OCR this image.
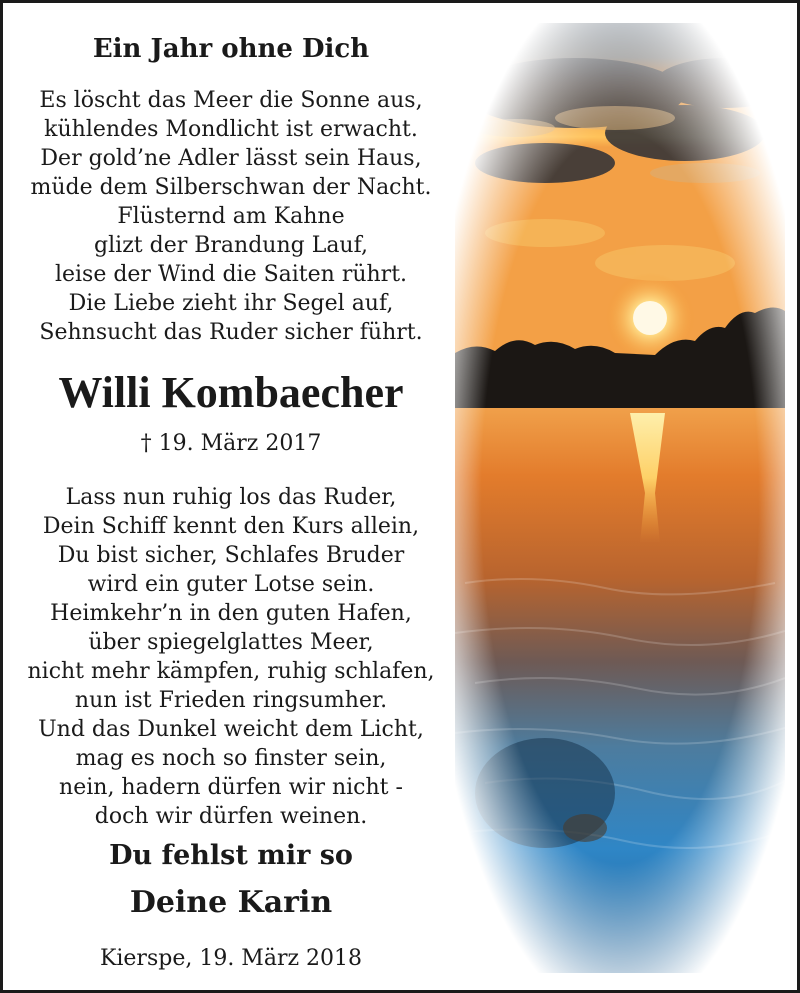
Ein Jahr ohne Dich
Es löscht das Meer die Sonne aus,
kühlendes Mondlicht ist erwacht.
Der gold’ne Adler lässt sein Haus,
müde dem Silberschwan der Nacht.
Flüsternd am Kahne
glizt der Brandung Lauf,
leise der Wind die Saiten rührt.
Die Liebe zieht ihr Segel auf,
Sehnsucht das Ruder sicher führt.
Willi Kombaecher
† 19. März 2017
Lass nun ruhig los das Ruder,
Dein Schiff kennt den Kurs allein,
Du bist sicher, Schlafes Bruder
wird ein guter Lotse sein.
Heimkehr’n in den guten Hafen,
über spiegelglattes Meer,
nicht mehr kämpfen, ruhig schlafen,
nun ist Frieden ringsumher.
Und das Dunkel weicht dem Licht,
mag es noch so finster sein,
nein, hadern dürfen wir nicht -
doch wir dürfen weinen.
Du fehlst mir so
Deine Karin
Kierspe, 19. März 2018
